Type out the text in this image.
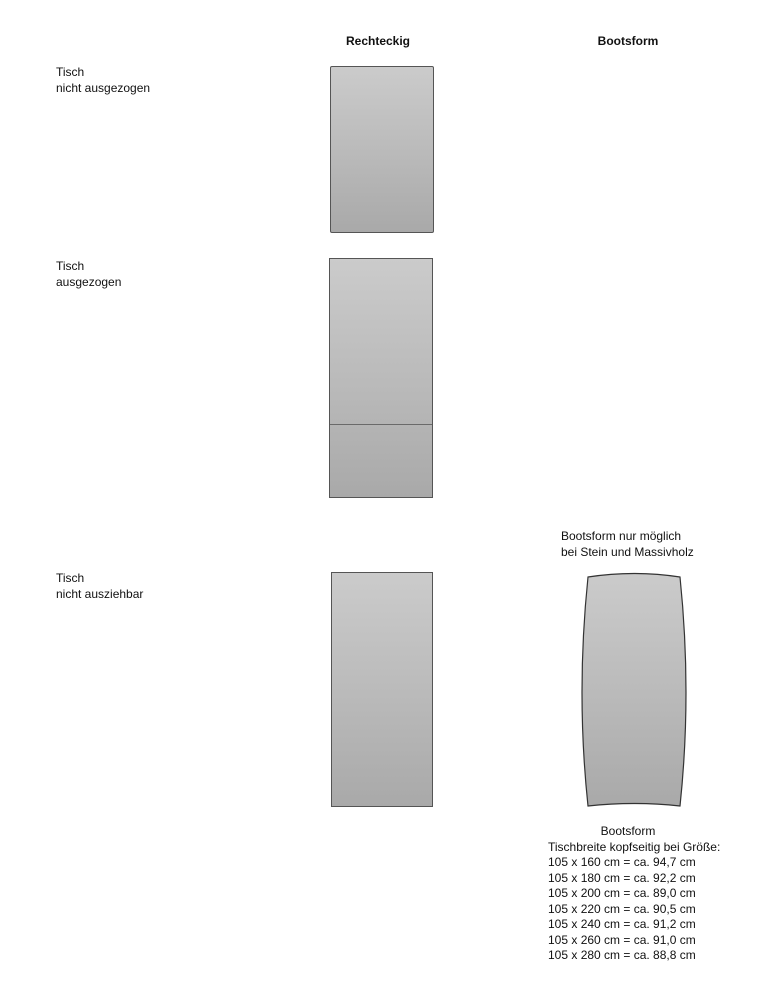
Rechteckig	Bootsform
Tisch
nicht ausgezogen
Tisch
ausgezogen
Bootsform nur möglich
bei Stein und Massivholz
Tisch
nicht ausziehbar
Bootsform
Tischbreite kopfseitig bei Größe:
105 x 160 cm = ca. 94,7 cm
105 x 180 cm = ca. 92,2 cm
105 x 200 cm = ca. 89,0 cm
105 x 220 cm = ca. 90,5 cm
105 x 240 cm = ca. 91,2 cm
105 x 260 cm = ca. 91,0 cm
105 x 280 cm = ca. 88,8 cm
